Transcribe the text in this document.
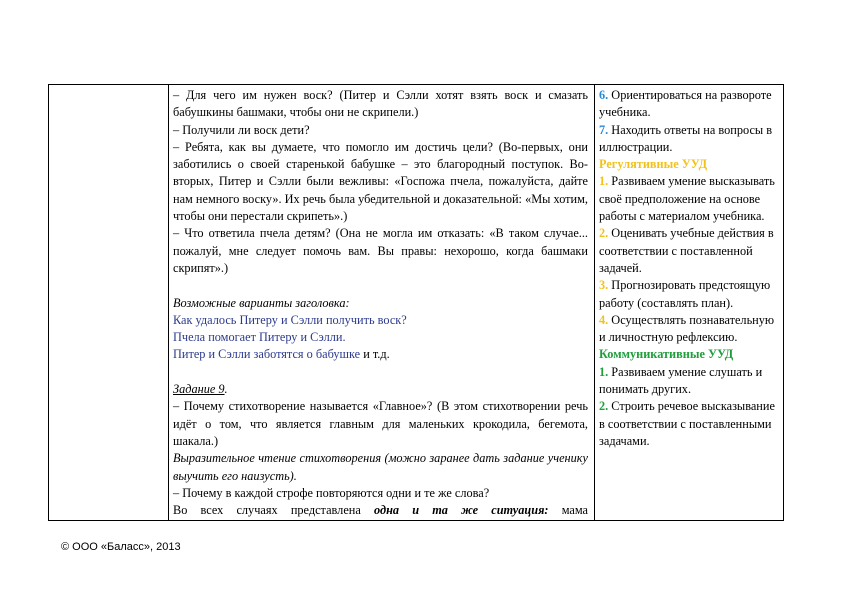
– Для чего им нужен воск? (Питер и Сэлли хотят взять воск и смазать бабушкины башмаки, чтобы они не скрипели.)

– Получили ли воск дети?

– Ребята, как вы думаете, что помогло им достичь цели? (Во-первых, они заботились о своей старенькой бабушке – это благородный поступок. Во-вторых, Питер и Сэлли были вежливы: «Госпожа пчела, пожалуйста, дайте нам немного воску». Их речь была убедительной и доказательной: «Мы хотим, чтобы они перестали скрипеть».)

– Что ответила пчела детям? (Она не могла им отказать: «В таком случае... пожалуй, мне следует помочь вам. Вы правы: нехорошо, когда башмаки скрипят».)

Возможные варианты заголовка:

Как удалось Питеру и Сэлли получить воск?

Пчела помогает Питеру и Сэлли.

Питер и Сэлли заботятся о бабушке и т.д.

Задание 9.

– Почему стихотворение называется «Главное»? (В этом стихотворении речь идёт о том, что является главным для маленьких крокодила, бегемота, шакала.)

Выразительное чтение стихотворения (можно заранее дать задание ученику выучить его наизусть).

– Почему в каждой строфе повторяются одни и те же слова?

Во всех случаях представлена одна и та же ситуация: мама

6. Ориентироваться на развороте учебника.

7. Находить ответы на вопросы в иллюстрации.

Регулятивные УУД

1. Развиваем умение высказывать своё предположение на основе работы с материалом учебника.

2. Оценивать учебные действия в соответствии с поставленной задачей.

3. Прогнозировать предстоящую работу (составлять план).

4. Осуществлять познавательную и личностную рефлексию.

Коммуникативные УУД

1. Развиваем умение слушать и понимать других.

2. Строить речевое высказывание в соответствии с поставленными задачами.

© ООО «Баласс», 2013
